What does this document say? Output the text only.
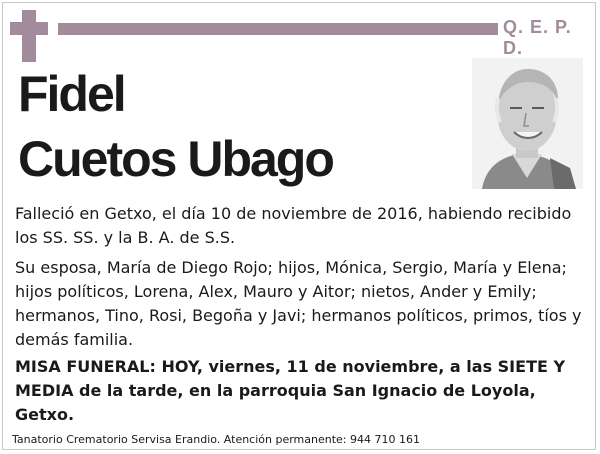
Q. E. P. D.
Fidel
Cuetos Ubago

Falleció en Getxo, el día 10 de noviembre de 2016, habiendo recibido los SS. SS. y la B. A. de S.S.

Su esposa, María de Diego Rojo; hijos, Mónica, Sergio, María y Elena; hijos políticos, Lorena, Alex, Mauro y Aitor; nietos, Ander y Emily; hermanos, Tino, Rosi, Begoña y Javi; hermanos políticos, primos, tíos y demás familia.

MISA FUNERAL: HOY, viernes, 11 de noviembre, a las SIETE Y MEDIA de la tarde, en la parroquia San Ignacio de Loyola, Getxo.

Tanatorio Crematorio Servisa Erandio. Atención permanente: 944 710 161
